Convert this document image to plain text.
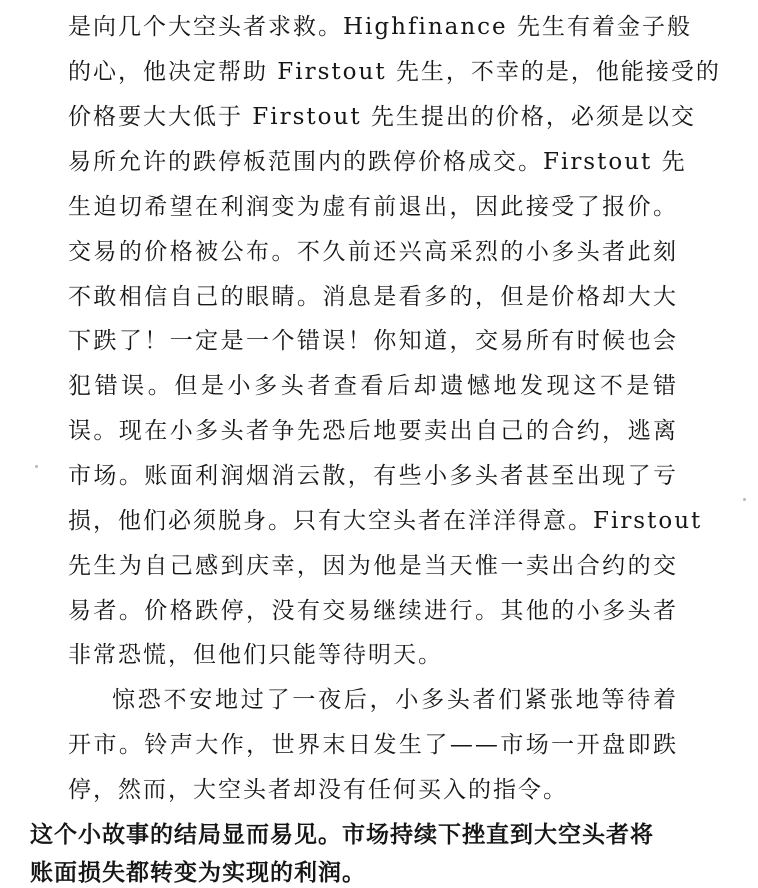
是向几个大空头者求救。Highfinance 先生有着金子般
的心，他决定帮助 Firstout 先生，不幸的是，他能接受的
价格要大大低于 Firstout 先生提出的价格，必须是以交
易所允许的跌停板范围内的跌停价格成交。Firstout 先
生迫切希望在利润变为虚有前退出，因此接受了报价。
交易的价格被公布。不久前还兴高采烈的小多头者此刻
不敢相信自己的眼睛。消息是看多的，但是价格却大大
下跌了！一定是一个错误！你知道，交易所有时候也会
犯错误。但是小多头者查看后却遗憾地发现这不是错
误。现在小多头者争先恐后地要卖出自己的合约，逃离
市场。账面利润烟消云散，有些小多头者甚至出现了亏
损，他们必须脱身。只有大空头者在洋洋得意。Firstout
先生为自己感到庆幸，因为他是当天惟一卖出合约的交
易者。价格跌停，没有交易继续进行。其他的小多头者
非常恐慌，但他们只能等待明天。
惊恐不安地过了一夜后，小多头者们紧张地等待着
开市。铃声大作，世界末日发生了——市场一开盘即跌
停，然而，大空头者却没有任何买入的指令。
这个小故事的结局显而易见。市场持续下挫直到大空头者将
账面损失都转变为实现的利润。
